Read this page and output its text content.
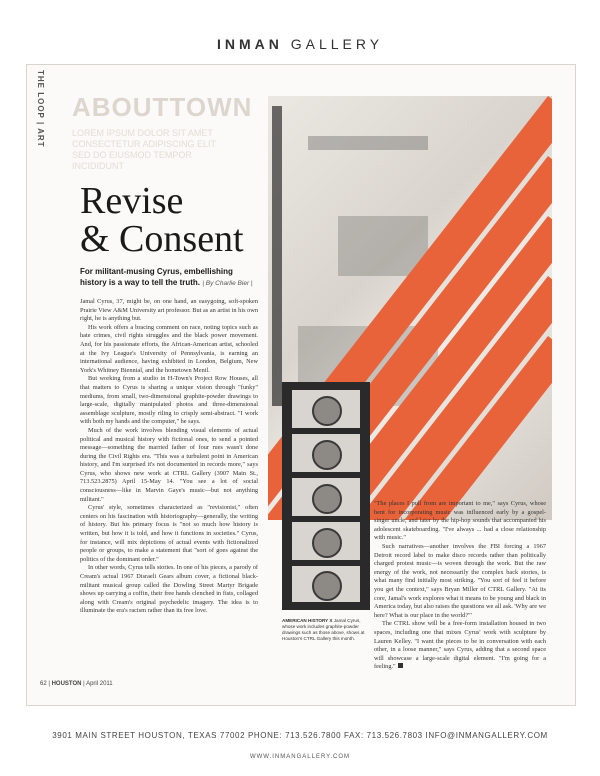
INMAN GALLERY
THE LOOP | ART ABOUTTOWN
LOREM IPSUM DOLOR SIT AMET CONSECTETUR ADIPISCING ELIT SED DO EIUSMOD TEMPOR INCIDIDUNT
Revise
& Consent
For militant-musing Cyrus, embellishing history is a way to tell the truth. | By Charlie Bier |

Jamal Cyrus, 37, might be, on one hand, an easygoing, soft-spoken Prairie View A&M University art professor. But as an artist in his own right, he is anything but.

His work offers a bracing comment on race, noting topics such as hate crimes, civil rights struggles and the black power movement. And, for his passionate efforts, the African-American artist, schooled at the Ivy League's University of Pennsylvania, is earning an international audience, having exhibited in London, Belgium, New York's Whitney Biennial, and the hometown Menil.

But working from a studio in H-Town's Project Row Houses, all that matters to Cyrus is sharing a unique vision through "funky" mediums, from small, two-dimensional graphite-powder drawings to large-scale, digitally manipulated photos and three-dimensional assemblage sculpture, mostly riling to crisply semi-abstract. "I work with both my hands and the computer," he says.

Much of the work involves blending visual elements of actual political and musical history with fictional ones, to send a pointed message—something the married father of four rues wasn't done during the Civil Rights era. "This was a turbulent point in American history, and I'm surprised it's not documented in records more," says Cyrus, who shows new work at CTRL Gallery (3907 Main St., 713.523.2875) April 15-May 14. "You see a lot of social consciousness—like in Marvin Gaye's music—but not anything militant."

Cyrus' style, sometimes characterized as "revisionist," often centers on his fascination with historiography—generally, the writing of history. But his primary focus is "not so much how history is written, but how it is told, and how it functions in societies." Cyrus, for instance, will mix depictions of actual events with fictionalized people or groups, to make a statement that "sort of goes against the politics of the dominant order."

In other words, Cyrus tells stories. In one of his pieces, a parody of Cream's actual 1967 Disraeli Gears album cover, a fictional black-militant musical group called the Dowling Street Martyr Brigade shows up carrying a coffin, their free hands clenched in fists, collaged along with Cream's original psychedelic imagery. The idea is to illuminate the era's racism rather than its free love.

"The places I pull from are important to me," says Cyrus, whose bent for incorporating music was influenced early by a gospel-singer uncle, and later by the hip-hop sounds that accompanied his adolescent skateboarding. "I've always ... had a close relationship with music."

Such narratives—another involves the FBI forcing a 1967 Detroit record label to make disco records rather than politically charged protest music—is woven through the work. But the raw energy of the work, not necessarily the complex back stories, is what many find initially most striking. "You sort of feel it before you get the context," says Bryan Miller of CTRL Gallery. "At its core, Jamal's work explores what it means to be young and black in America today, but also raises the questions we all ask. 'Why are we here? What is our place in the world?'"

The CTRL show will be a free-form installation housed in two spaces, including one that mixes Cyrus' work with sculpture by Lauren Kelley. "I want the pieces to be in conversation with each other, in a loose manner," says Cyrus, adding that a second space will showcase a large-scale digital element. "I'm going for a feeling."

AMERICAN HISTORY X Jamal Cyrus, whose work includes graphite-powder drawings such as those above, shows at Houston's CTRL Gallery this month.
62 | HOUSTON | April 2011
3901 MAIN STREET HOUSTON, TEXAS 77002 PHONE: 713.526.7800 FAX: 713.526.7803 INFO@INMANGALLERY.COM
WWW.INMANGALLERY.COM
